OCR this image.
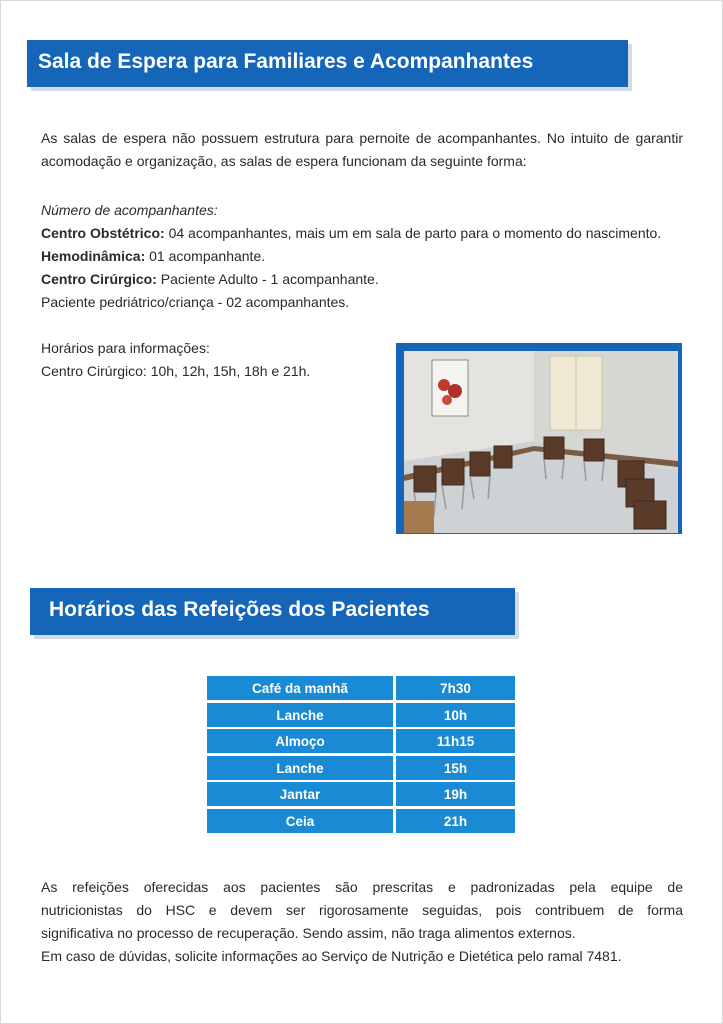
Sala de Espera para Familiares e Acompanhantes

As salas de espera não possuem estrutura para pernoite de acompanhantes. No intuito de garantir acomodação e organização, as salas de espera funcionam da seguinte forma:

Número de acompanhantes:
Centro Obstétrico: 04 acompanhantes, mais um em sala de parto para o momento do nascimento.
Hemodinâmica: 01 acompanhante.
Centro Cirúrgico: Paciente Adulto - 1 acompanhante.
Paciente pedriátrico/criança - 02 acompanhantes.
Horários para informações:
Centro Cirúrgico: 10h, 12h, 15h, 18h e 21h.
Horários das Refeições dos Pacientes
Café da manhã	7h30
Lanche	10h
Almoço	11h15
Lanche	15h
Jantar	19h
Ceia	21h
As refeições oferecidas aos pacientes são prescritas e padronizadas pela equipe de
nutricionistas do HSC e devem ser rigorosamente seguidas, pois contribuem de forma
significativa no processo de recuperação. Sendo assim, não traga alimentos externos.
Em caso de dúvidas, solicite informações ao Serviço de Nutrição e Dietética pelo ramal 7481.
